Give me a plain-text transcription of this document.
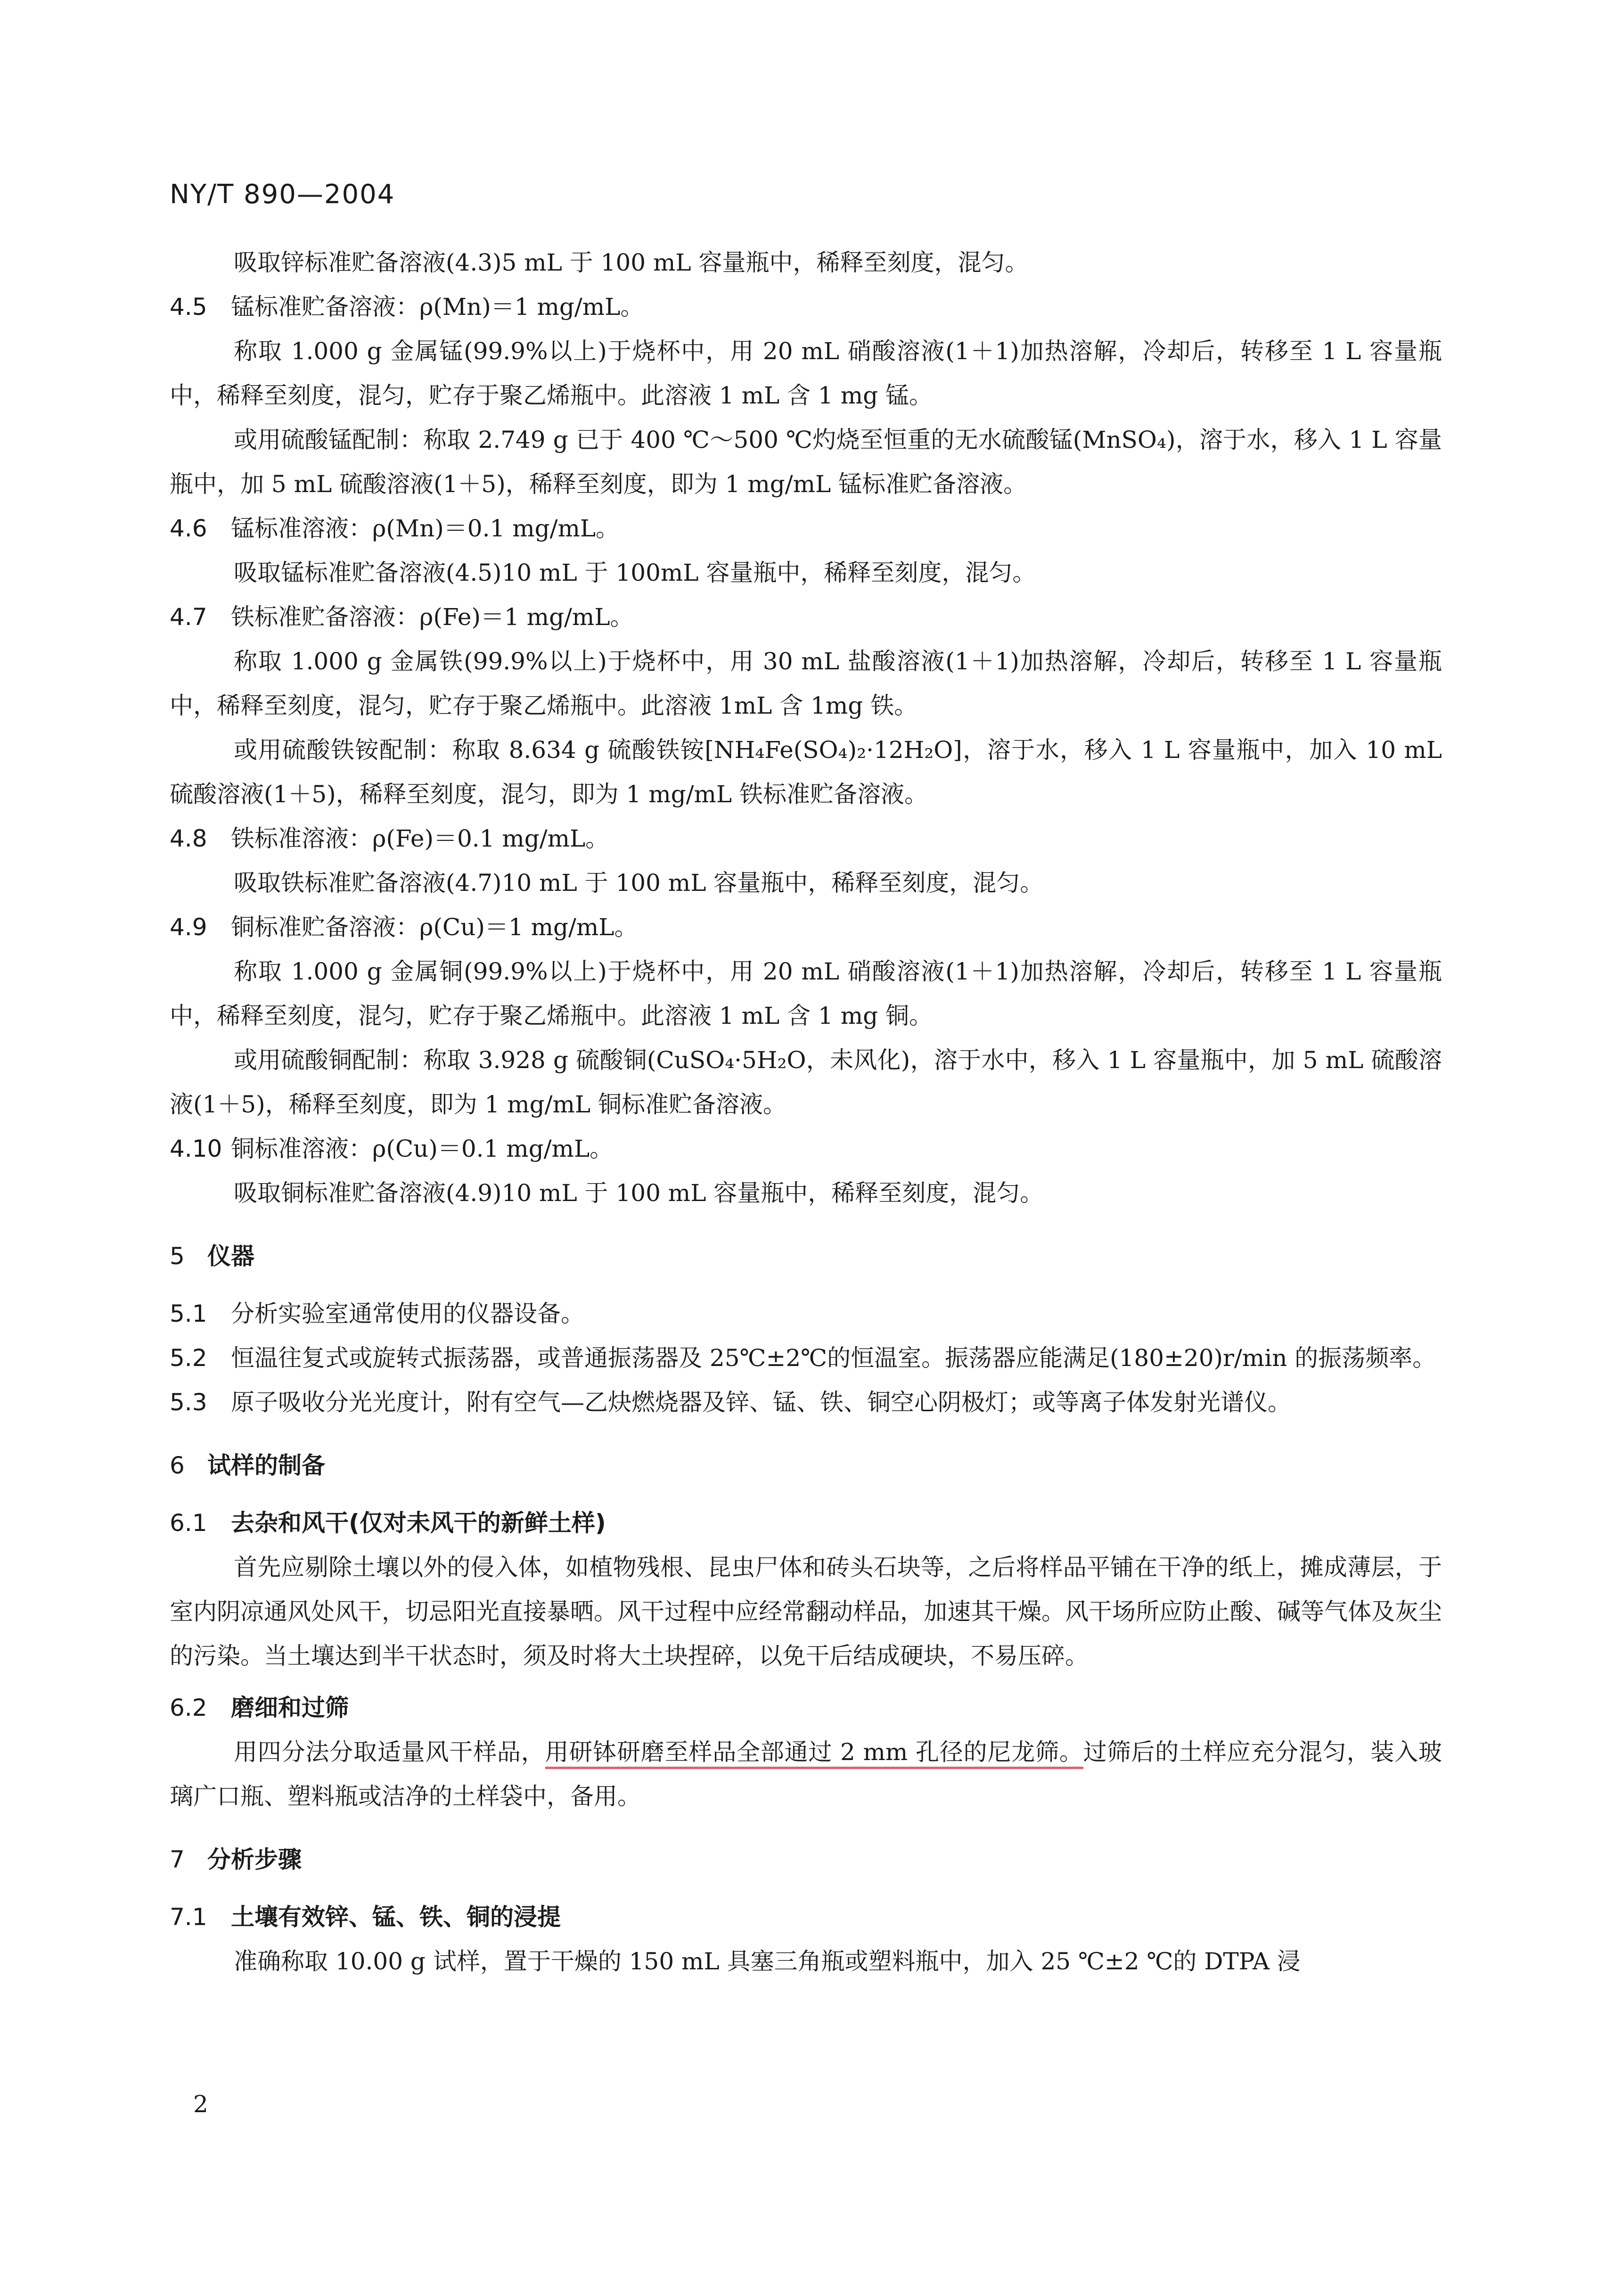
NY/T 890—2004

吸取锌标准贮备溶液(4.3)5 mL 于 100 mL 容量瓶中，稀释至刻度，混匀。

4.5 锰标准贮备溶液：ρ(Mn)＝1 mg/mL。

称取 1.000 g 金属锰(99.9%以上)于烧杯中，用 20 mL 硝酸溶液(1＋1)加热溶解，冷却后，转移至 1 L 容量瓶中，稀释至刻度，混匀，贮存于聚乙烯瓶中。此溶液 1 mL 含 1 mg 锰。

或用硫酸锰配制：称取 2.749 g 已于 400 ℃～500 ℃灼烧至恒重的无水硫酸锰(MnSO₄)，溶于水，移入 1 L 容量瓶中，加 5 mL 硫酸溶液(1＋5)，稀释至刻度，即为 1 mg/mL 锰标准贮备溶液。

4.6 锰标准溶液：ρ(Mn)＝0.1 mg/mL。

吸取锰标准贮备溶液(4.5)10 mL 于 100mL 容量瓶中，稀释至刻度，混匀。

4.7 铁标准贮备溶液：ρ(Fe)＝1 mg/mL。

称取 1.000 g 金属铁(99.9%以上)于烧杯中，用 30 mL 盐酸溶液(1＋1)加热溶解，冷却后，转移至 1 L 容量瓶中，稀释至刻度，混匀，贮存于聚乙烯瓶中。此溶液 1mL 含 1mg 铁。

或用硫酸铁铵配制：称取 8.634 g 硫酸铁铵[NH₄Fe(SO₄)₂·12H₂O]，溶于水，移入 1 L 容量瓶中，加入 10 mL 硫酸溶液(1＋5)，稀释至刻度，混匀，即为 1 mg/mL 铁标准贮备溶液。

4.8 铁标准溶液：ρ(Fe)＝0.1 mg/mL。

吸取铁标准贮备溶液(4.7)10 mL 于 100 mL 容量瓶中，稀释至刻度，混匀。

4.9 铜标准贮备溶液：ρ(Cu)＝1 mg/mL。

称取 1.000 g 金属铜(99.9%以上)于烧杯中，用 20 mL 硝酸溶液(1＋1)加热溶解，冷却后，转移至 1 L 容量瓶中，稀释至刻度，混匀，贮存于聚乙烯瓶中。此溶液 1 mL 含 1 mg 铜。

或用硫酸铜配制：称取 3.928 g 硫酸铜(CuSO₄·5H₂O，未风化)，溶于水中，移入 1 L 容量瓶中，加 5 mL 硫酸溶液(1＋5)，稀释至刻度，即为 1 mg/mL 铜标准贮备溶液。

4.10 铜标准溶液：ρ(Cu)＝0.1 mg/mL。

吸取铜标准贮备溶液(4.9)10 mL 于 100 mL 容量瓶中，稀释至刻度，混匀。

5 仪器

5.1 分析实验室通常使用的仪器设备。

5.2 恒温往复式或旋转式振荡器，或普通振荡器及 25℃±2℃的恒温室。振荡器应能满足(180±20)r/min 的振荡频率。

5.3 原子吸收分光光度计，附有空气—乙炔燃烧器及锌、锰、铁、铜空心阴极灯；或等离子体发射光谱仪。

6 试样的制备

6.1 去杂和风干(仅对未风干的新鲜土样)

首先应剔除土壤以外的侵入体，如植物残根、昆虫尸体和砖头石块等，之后将样品平铺在干净的纸上，摊成薄层，于室内阴凉通风处风干，切忌阳光直接暴晒。风干过程中应经常翻动样品，加速其干燥。风干场所应防止酸、碱等气体及灰尘的污染。当土壤达到半干状态时，须及时将大土块捏碎，以免干后结成硬块，不易压碎。

6.2 磨细和过筛

用四分法分取适量风干样品，用研钵研磨至样品全部通过 2 mm 孔径的尼龙筛。过筛后的土样应充分混匀，装入玻璃广口瓶、塑料瓶或洁净的土样袋中，备用。

7 分析步骤

7.1 土壤有效锌、锰、铁、铜的浸提

准确称取 10.00 g 试样，置于干燥的 150 mL 具塞三角瓶或塑料瓶中，加入 25 ℃±2 ℃的 DTPA 浸

2
